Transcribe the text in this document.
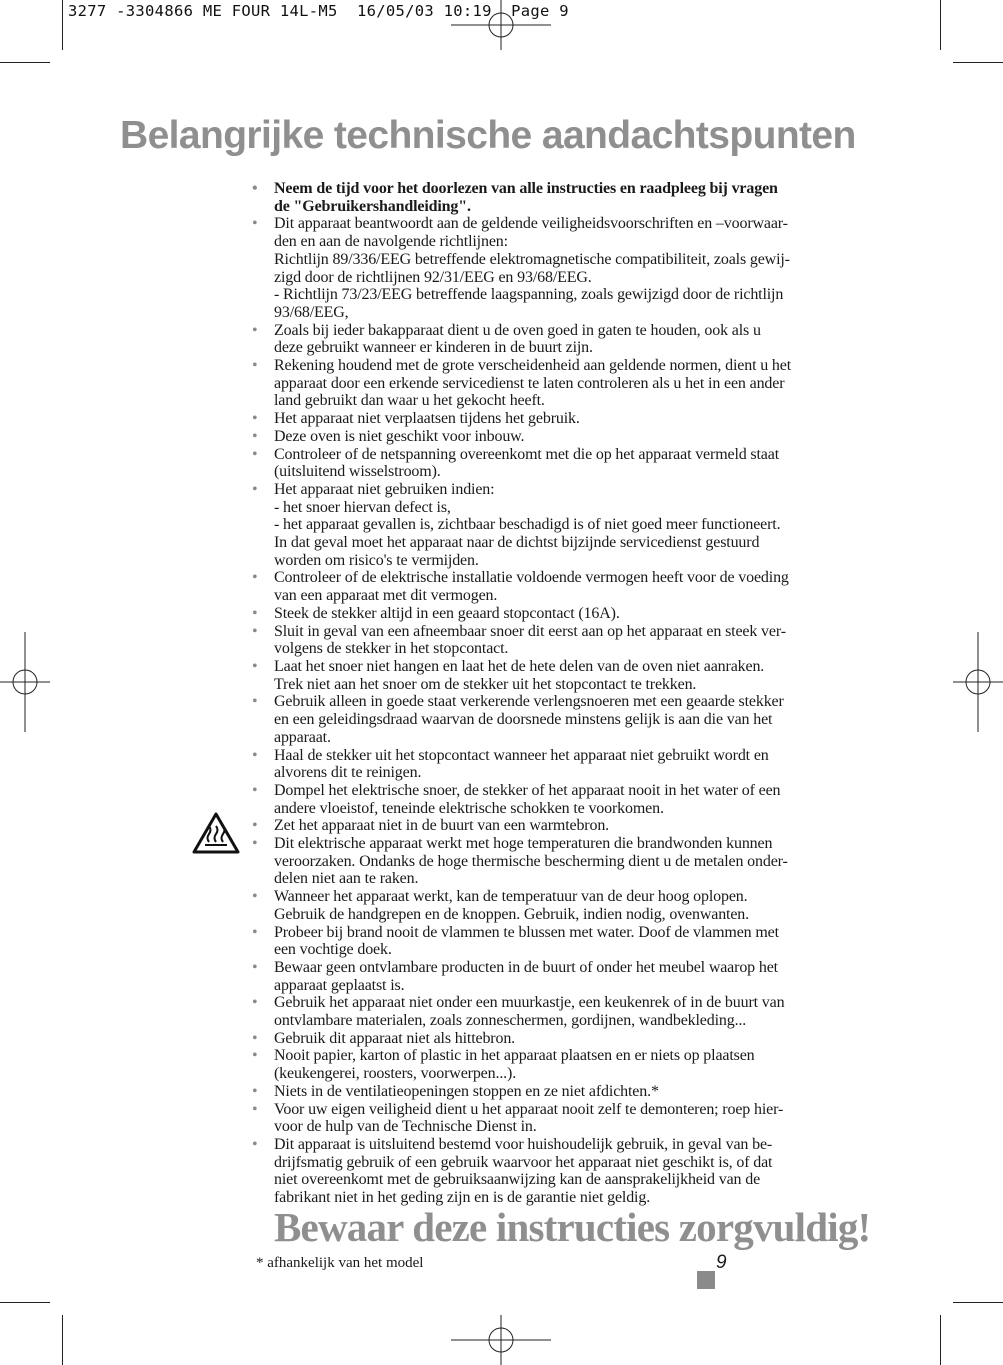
3277 -3304866 ME FOUR 14L-M5 16/05/03 10:19 Page 9
Belangrijke technische aandachtspunten
• Neem de tijd voor het doorlezen van alle instructies en raadpleeg bij vragen
de "Gebruikershandleiding".
• Dit apparaat beantwoordt aan de geldende veiligheidsvoorschriften en –voorwaar-
den en aan de navolgende richtlijnen:
Richtlijn 89/336/EEG betreffende elektromagnetische compatibiliteit, zoals gewij-
zigd door de richtlijnen 92/31/EEG en 93/68/EEG.
- Richtlijn 73/23/EEG betreffende laagspanning, zoals gewijzigd door de richtlijn
93/68/EEG,
• Zoals bij ieder bakapparaat dient u de oven goed in gaten te houden, ook als u
deze gebruikt wanneer er kinderen in de buurt zijn.
• Rekening houdend met de grote verscheidenheid aan geldende normen, dient u het
apparaat door een erkende servicedienst te laten controleren als u het in een ander
land gebruikt dan waar u het gekocht heeft.
• Het apparaat niet verplaatsen tijdens het gebruik.
• Deze oven is niet geschikt voor inbouw.
• Controleer of de netspanning overeenkomt met die op het apparaat vermeld staat
(uitsluitend wisselstroom).
• Het apparaat niet gebruiken indien:
- het snoer hiervan defect is,
- het apparaat gevallen is, zichtbaar beschadigd is of niet goed meer functioneert.
In dat geval moet het apparaat naar de dichtst bijzijnde servicedienst gestuurd
worden om risico's te vermijden.
• Controleer of de elektrische installatie voldoende vermogen heeft voor de voeding
van een apparaat met dit vermogen.
• Steek de stekker altijd in een geaard stopcontact (16A).
• Sluit in geval van een afneembaar snoer dit eerst aan op het apparaat en steek ver-
volgens de stekker in het stopcontact.
• Laat het snoer niet hangen en laat het de hete delen van de oven niet aanraken.
Trek niet aan het snoer om de stekker uit het stopcontact te trekken.
• Gebruik alleen in goede staat verkerende verlengsnoeren met een geaarde stekker
en een geleidingsdraad waarvan de doorsnede minstens gelijk is aan die van het
apparaat.
• Haal de stekker uit het stopcontact wanneer het apparaat niet gebruikt wordt en
alvorens dit te reinigen.
• Dompel het elektrische snoer, de stekker of het apparaat nooit in het water of een
andere vloeistof, teneinde elektrische schokken te voorkomen.
• Zet het apparaat niet in de buurt van een warmtebron.
• Dit elektrische apparaat werkt met hoge temperaturen die brandwonden kunnen
veroorzaken. Ondanks de hoge thermische bescherming dient u de metalen onder-
delen niet aan te raken.
• Wanneer het apparaat werkt, kan de temperatuur van de deur hoog oplopen.
Gebruik de handgrepen en de knoppen. Gebruik, indien nodig, ovenwanten.
• Probeer bij brand nooit de vlammen te blussen met water. Doof de vlammen met
een vochtige doek.
• Bewaar geen ontvlambare producten in de buurt of onder het meubel waarop het
apparaat geplaatst is.
• Gebruik het apparaat niet onder een muurkastje, een keukenrek of in de buurt van
ontvlambare materialen, zoals zonneschermen, gordijnen, wandbekleding...
• Gebruik dit apparaat niet als hittebron.
• Nooit papier, karton of plastic in het apparaat plaatsen en er niets op plaatsen
(keukengerei, roosters, voorwerpen...).
• Niets in de ventilatieopeningen stoppen en ze niet afdichten.*
• Voor uw eigen veiligheid dient u het apparaat nooit zelf te demonteren; roep hier-
voor de hulp van de Technische Dienst in.
• Dit apparaat is uitsluitend bestemd voor huishoudelijk gebruik, in geval van be-
drijfsmatig gebruik of een gebruik waarvoor het apparaat niet geschikt is, of dat
niet overeenkomt met de gebruiksaanwijzing kan de aansprakelijkheid van de
fabrikant niet in het geding zijn en is de garantie niet geldig.

Bewaar deze instructies zorgvuldig!

* afhankelijk van het model	9
